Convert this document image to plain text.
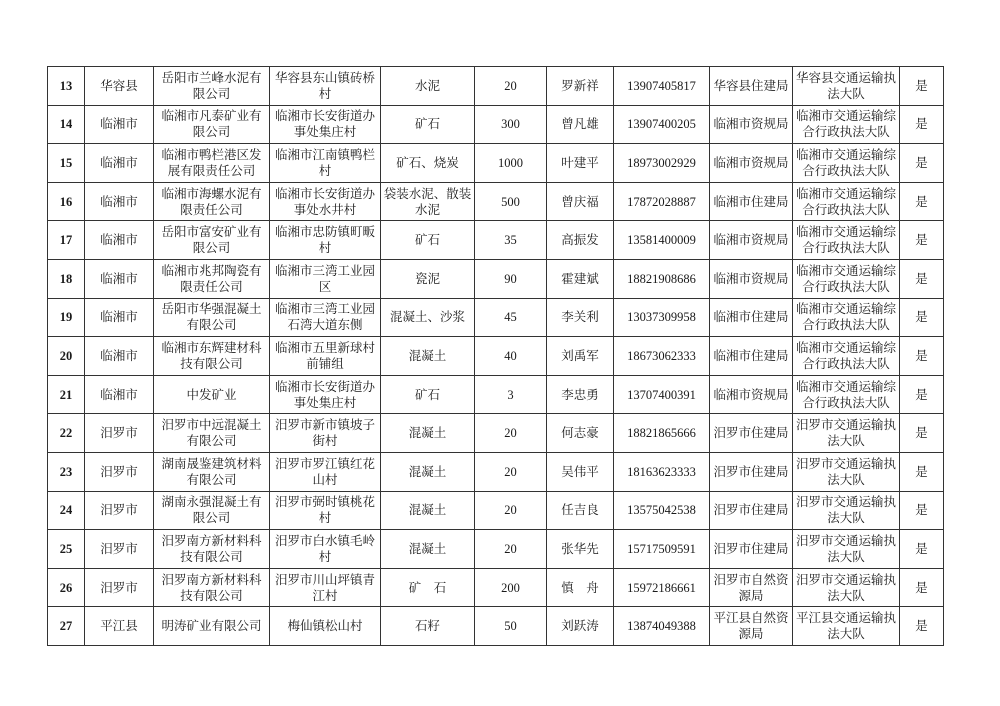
13	华容县	岳阳市兰峰水泥有限公司	华容县东山镇砖桥村	水泥	20	罗新祥	13907405817	华容县住建局	华容县交通运输执法大队	是
14	临湘市	临湘市凡泰矿业有限公司	临湘市长安街道办事处集庄村	矿石	300	曾凡雄	13907400205	临湘市资规局	临湘市交通运输综合行政执法大队	是
15	临湘市	临湘市鸭栏港区发展有限责任公司	临湘市江南镇鸭栏村	矿石、烧炭	1000	叶建平	18973002929	临湘市资规局	临湘市交通运输综合行政执法大队	是
16	临湘市	临湘市海螺水泥有限责任公司	临湘市长安街道办事处水井村	袋装水泥、散装水泥	500	曾庆福	17872028887	临湘市住建局	临湘市交通运输综合行政执法大队	是
17	临湘市	岳阳市富安矿业有限公司	临湘市忠防镇町畈村	矿石	35	高振发	13581400009	临湘市资规局	临湘市交通运输综合行政执法大队	是
18	临湘市	临湘市兆邦陶瓷有限责任公司	临湘市三湾工业园区	瓷泥	90	霍建斌	18821908686	临湘市资规局	临湘市交通运输综合行政执法大队	是
19	临湘市	岳阳市华强混凝土有限公司	临湘市三湾工业园石湾大道东侧	混凝土、沙浆	45	李关利	13037309958	临湘市住建局	临湘市交通运输综合行政执法大队	是
20	临湘市	临湘市东辉建材科技有限公司	临湘市五里新球村前铺组	混凝土	40	刘禹军	18673062333	临湘市住建局	临湘市交通运输综合行政执法大队	是
21	临湘市	中发矿业	临湘市长安街道办事处集庄村	矿石	3	李忠勇	13707400391	临湘市资规局	临湘市交通运输综合行政执法大队	是
22	汨罗市	汨罗市中远混凝土有限公司	汨罗市新市镇坡子街村	混凝土	20	何志豪	18821865666	汨罗市住建局	汨罗市交通运输执法大队	是
23	汨罗市	湖南晟鉴建筑材料有限公司	汨罗市罗江镇红花山村	混凝土	20	吴伟平	18163623333	汨罗市住建局	汨罗市交通运输执法大队	是
24	汨罗市	湖南永强混凝土有限公司	汨罗市弼时镇桃花村	混凝土	20	任吉良	13575042538	汨罗市住建局	汨罗市交通运输执法大队	是
25	汨罗市	汨罗南方新材料科技有限公司	汨罗市白水镇毛岭村	混凝土	20	张华先	15717509591	汨罗市住建局	汨罗市交通运输执法大队	是
26	汨罗市	汨罗南方新材料科技有限公司	汨罗市川山坪镇青江村	矿　石	200	慎　舟	15972186661	汨罗市自然资源局	汨罗市交通运输执法大队	是
27	平江县	明涛矿业有限公司	梅仙镇松山村	石籽	50	刘跃涛	13874049388	平江县自然资源局	平江县交通运输执法大队	是
